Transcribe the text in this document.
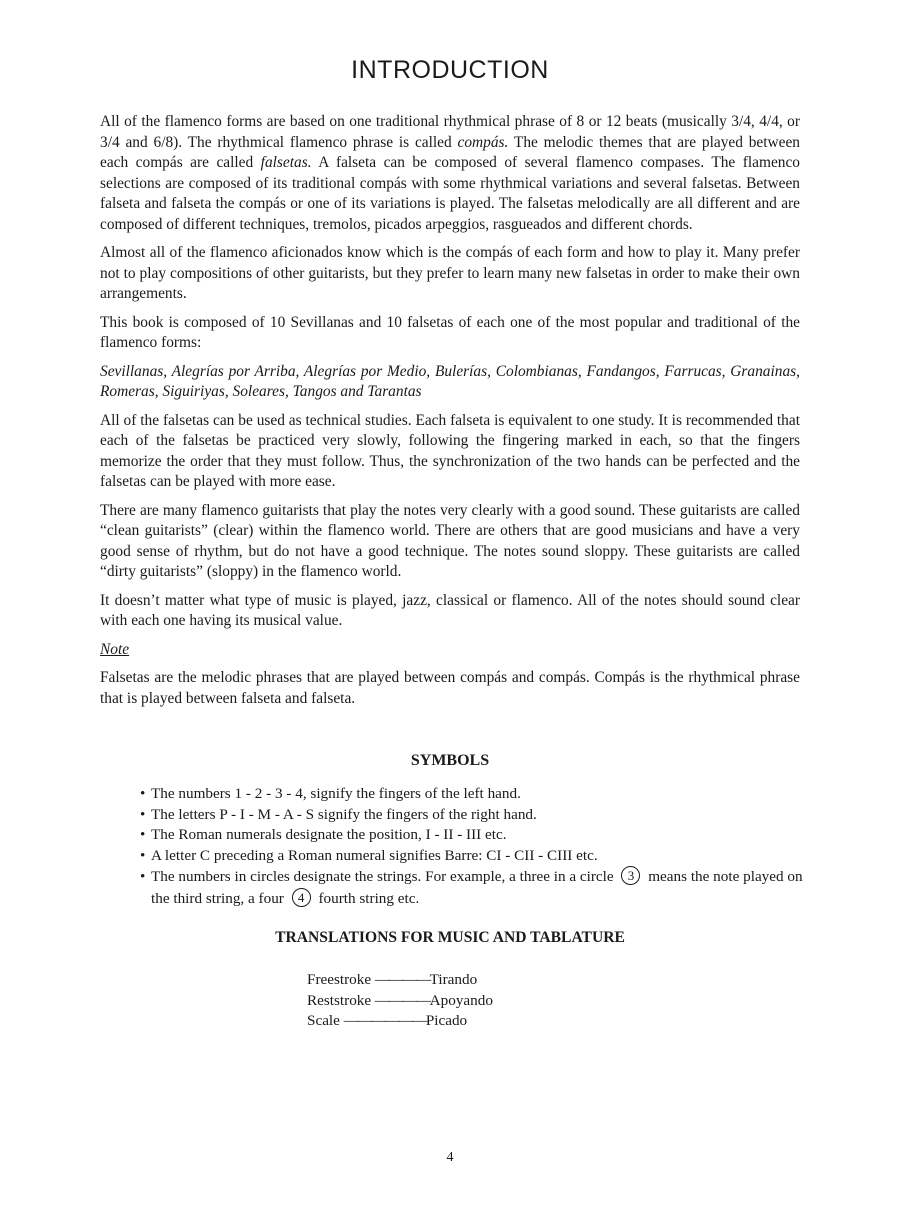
INTRODUCTION

All of the flamenco forms are based on one traditional rhythmical phrase of 8 or 12 beats (musically 3/4, 4/4, or 3/4 and 6/8). The rhythmical flamenco phrase is called compás. The melodic themes that are played between each compás are called falsetas. A falseta can be composed of several flamenco compases. The flamenco selections are composed of its traditional compás with some rhythmical variations and several falsetas. Between falseta and falseta the compás or one of its variations is played. The falsetas melodically are all different and are composed of different techniques, tremolos, picados arpeggios, rasgueados and different chords.

Almost all of the flamenco aficionados know which is the compás of each form and how to play it. Many prefer not to play compositions of other guitarists, but they prefer to learn many new falsetas in order to make their own arrangements.

This book is composed of 10 Sevillanas and 10 falsetas of each one of the most popular and traditional of the flamenco forms:

Sevillanas, Alegrías por Arriba, Alegrías por Medio, Bulerías, Colombianas, Fandangos, Farrucas, Granainas, Romeras, Siguiriyas, Soleares, Tangos and Tarantas

All of the falsetas can be used as technical studies. Each falseta is equivalent to one study. It is recommended that each of the falsetas be practiced very slowly, following the fingering marked in each, so that the fingers memorize the order that they must follow. Thus, the synchronization of the two hands can be perfected and the falsetas can be played with more ease.

There are many flamenco guitarists that play the notes very clearly with a good sound. These guitarists are called “clean guitarists” (clear) within the flamenco world. There are others that are good musicians and have a very good sense of rhythm, but do not have a good technique. The notes sound sloppy. These guitarists are called “dirty guitarists” (sloppy) in the flamenco world.

It doesn’t matter what type of music is played, jazz, classical or flamenco. All of the notes should sound clear with each one having its musical value.

Note

Falsetas are the melodic phrases that are played between compás and compás. Compás is the rhythmical phrase that is played between falseta and falseta.

SYMBOLS
• The numbers 1 - 2 - 3 - 4, signify the fingers of the left hand.
• The letters P - I - M - A - S signify the fingers of the right hand.
• The Roman numerals designate the position, I - II - III etc.
• A letter C preceding a Roman numeral signifies Barre: CI - CII - CIII etc.
• The numbers in circles designate the strings. For example, a three in a circle 3 means the note played on the third string, a four 4 fourth string etc.
TRANSLATIONS FOR MUSIC AND TABLATURE
Freestroke ————Tirando
Reststroke ————Apoyando
Scale ——————Picado
4
